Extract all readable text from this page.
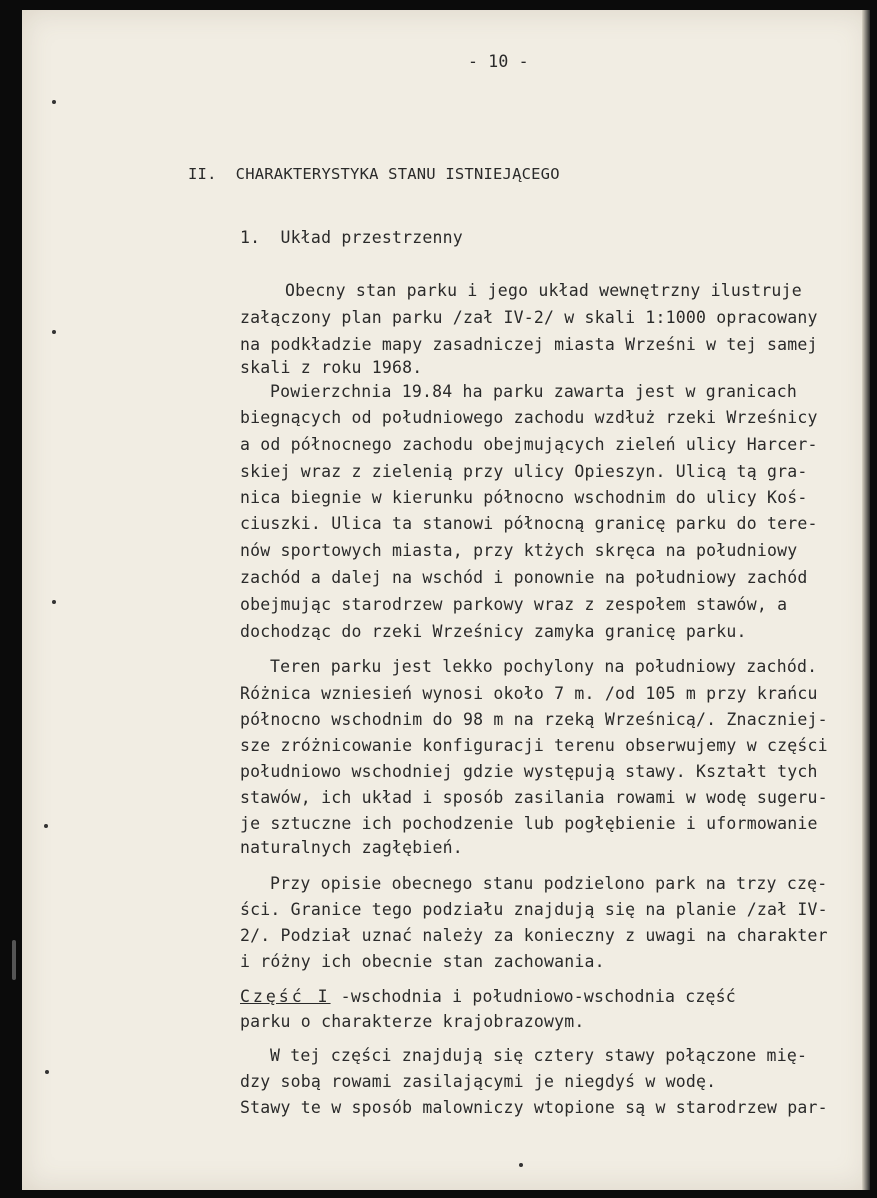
- 10 -
II.  CHARAKTERYSTYKA STANU ISTNIEJĄCEGO
1.  Układ przestrzenny
Obecny stan parku i jego układ wewnętrzny ilustruje
załączony plan parku /zał IV-2/ w skali 1:1000 opracowany
na podkładzie mapy zasadniczej miasta Wrześni w tej samej
skali z roku 1968.
Powierzchnia 19.84 ha parku zawarta jest w granicach
biegnących od południowego zachodu wzdłuż rzeki Wrześnicy
a od północnego zachodu obejmujących zieleń ulicy Harcer-
skiej wraz z zielenią przy ulicy Opieszyn. Ulicą tą gra-
nica biegnie w kierunku północno wschodnim do ulicy Koś-
ciuszki. Ulica ta stanowi północną granicę parku do tere-
nów sportowych miasta, przy ktżych skręca na południowy
zachód a dalej na wschód i ponownie na południowy zachód
obejmując starodrzew parkowy wraz z zespołem stawów, a
dochodząc do rzeki Wrześnicy zamyka granicę parku.
Teren parku jest lekko pochylony na południowy zachód.
Różnica wzniesień wynosi około 7 m. /od 105 m przy krańcu
północno wschodnim do 98 m na rzeką Wrześnicą/. Znaczniej-
sze zróżnicowanie konfiguracji terenu obserwujemy w części
południowo wschodniej gdzie występują stawy. Kształt tych
stawów, ich układ i sposób zasilania rowami w wodę sugeru-
je sztuczne ich pochodzenie lub pogłębienie i uformowanie
naturalnych zagłębień.
Przy opisie obecnego stanu podzielono park na trzy czę-
ści. Granice tego podziału znajdują się na planie /zał IV-
2/. Podział uznać należy za konieczny z uwagi na charakter
i różny ich obecnie stan zachowania.
Część I -wschodnia i południowo-wschodnia część
parku o charakterze krajobrazowym.
W tej części znajdują się cztery stawy połączone mię-
dzy sobą rowami zasilającymi je niegdyś w wodę.
Stawy te w sposób malowniczy wtopione są w starodrzew par-
